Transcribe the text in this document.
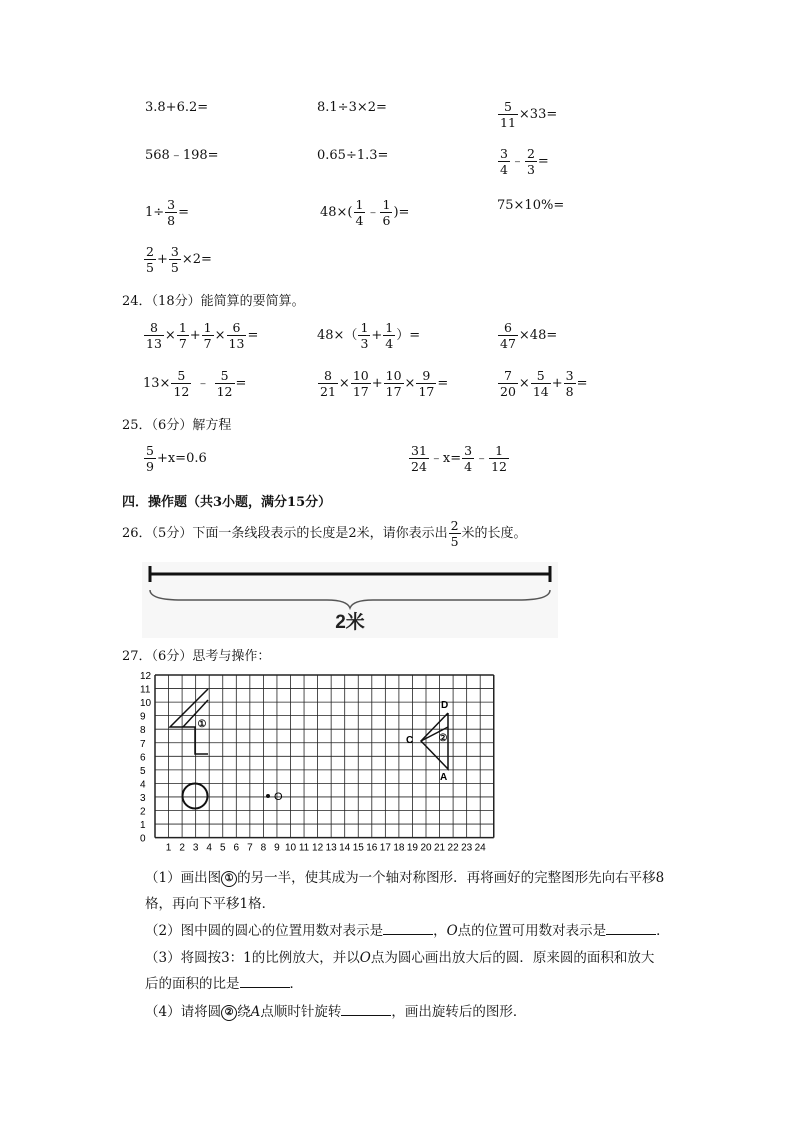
3.8+6.2=	8.1÷3×2=	$\frac{5}{11} \times 33=$
568﹣198=	0.65÷1.3=	$\frac{3}{4}$ ﹣ $\frac{2}{3}$ =
$1\div \frac{3}{8}$ =	$48\times( \frac{1}{4}$ ﹣ $\frac{1}{6}$ )=	75×10%=
$\frac{2}{5} + \frac{3}{5} \times 2=$
24．（18分）能简算的要简算。
$\frac{8}{13} \times \frac{1}{7} + \frac{1}{7} \times \frac{6}{13}$ =	$48\times( \frac{1}{3} + \frac{1}{4}$ ）=	$\frac{6}{47} \times 48=$
$13\times \frac{5}{12}$ ﹣ $\frac{5}{12}$ =	$\frac{8}{21} \times \frac{10}{17} + \frac{10}{17} \times \frac{9}{17}$ =	$\frac{7}{20} \times \frac{5}{14} + \frac{3}{8}$ =
25．（6分）解方程
$\frac{5}{9} +x=0.6$	$\frac{31}{24}$ ﹣x= $\frac{3}{4}$ ﹣ $\frac{1}{12}$
四．操作题（共3小题，满分15分）
26．（5分）下面一条线段表示的长度是2米，请你表示出 $\frac{2}{5}$ 米的长度。
2米
27．（6分）思考与操作：
12
11
10
9
8
7
6
5
4
3
2
1
0
1 2 3 4 5 6 7 8 9 10 11 12 13 14 15 16 17 18 19 20 21 22 23 24
①
O
②
D
C
A
（1）画出图 ① 的另一半，使其成为一个轴对称图形．再将画好的完整图形先向右平移8
格，再向下平移1格．
（2）图中圆的圆心的位置用数对表示是	，O点的位置可用数对表示是	．
（3）将圆按3：1的比例放大，并以O点为圆心画出放大后的圆．原来圆的面积和放大
后的面积的比是	．
（4）请将圆 ② 绕A点顺时针旋转	，画出旋转后的图形．
